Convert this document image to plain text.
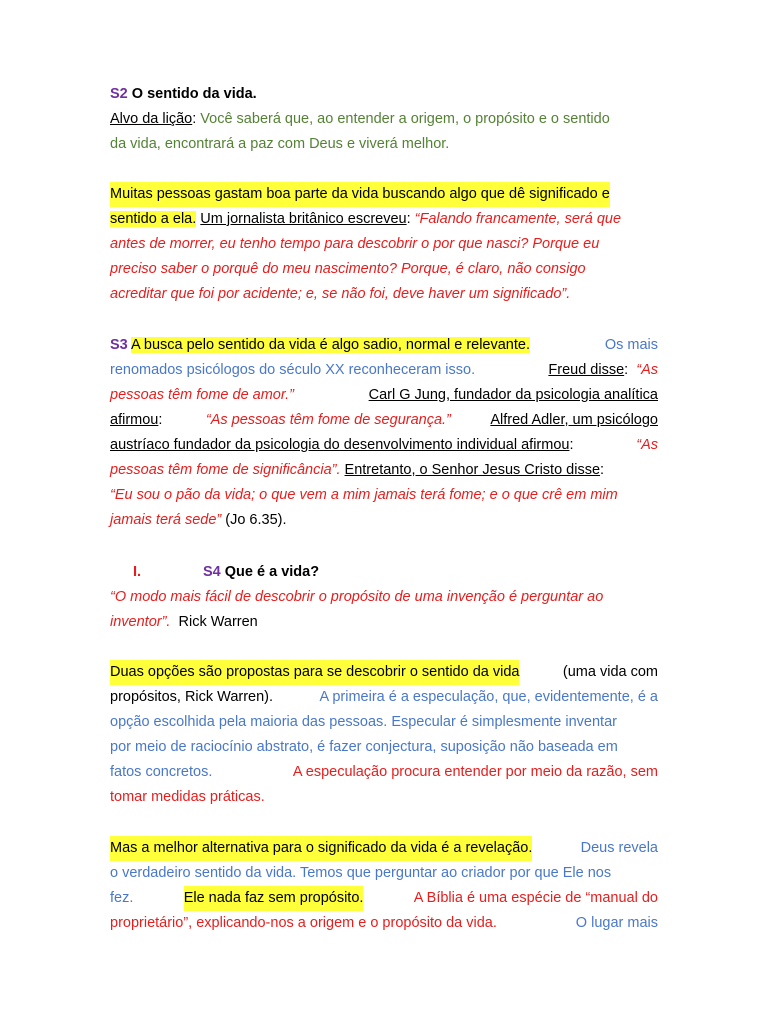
S2 O sentido da vida.
Alvo da lição: Você saberá que, ao entender a origem, o propósito e o sentido
da vida, encontrará a paz com Deus e viverá melhor.
Muitas pessoas gastam boa parte da vida buscando algo que dê significado e
sentido a ela. Um jornalista britânico escreveu: “Falando francamente, será que
antes de morrer, eu tenho tempo para descobrir o por que nasci? Porque eu
preciso saber o porquê do meu nascimento? Porque, é claro, não consigo
acreditar que foi por acidente; e, se não foi, deve haver um significado”.
S3 A busca pelo sentido da vida é algo sadio, normal e relevante.	Os mais
renomados psicólogos do século XX reconheceram isso.	Freud disse:  “As
pessoas têm fome de amor.”	Carl G Jung, fundador da psicologia analítica
afirmou:	“As pessoas têm fome de segurança.”	Alfred Adler, um psicólogo
austríaco fundador da psicologia do desenvolvimento individual afirmou:	“As
pessoas têm fome de significância”. Entretanto, o Senhor Jesus Cristo disse:
“Eu sou o pão da vida; o que vem a mim jamais terá fome; e o que crê em mim
jamais terá sede” (Jo 6.35).
I.	S4 Que é a vida?
“O modo mais fácil de descobrir o propósito de uma invenção é perguntar ao
inventor”. Rick Warren
Duas opções são propostas para se descobrir o sentido da vida	(uma vida com
propósitos, Rick Warren).	A primeira é a especulação, que, evidentemente, é a
opção escolhida pela maioria das pessoas. Especular é simplesmente inventar
por meio de raciocínio abstrato, é fazer conjectura, suposição não baseada em
fatos concretos.	A especulação procura entender por meio da razão, sem
tomar medidas práticas.
Mas a melhor alternativa para o significado da vida é a revelação.	Deus revela
o verdadeiro sentido da vida. Temos que perguntar ao criador por que Ele nos
fez.	Ele nada faz sem propósito.	A Bíblia é uma espécie de “manual do
proprietário”, explicando-nos a origem e o propósito da vida.	O lugar mais
